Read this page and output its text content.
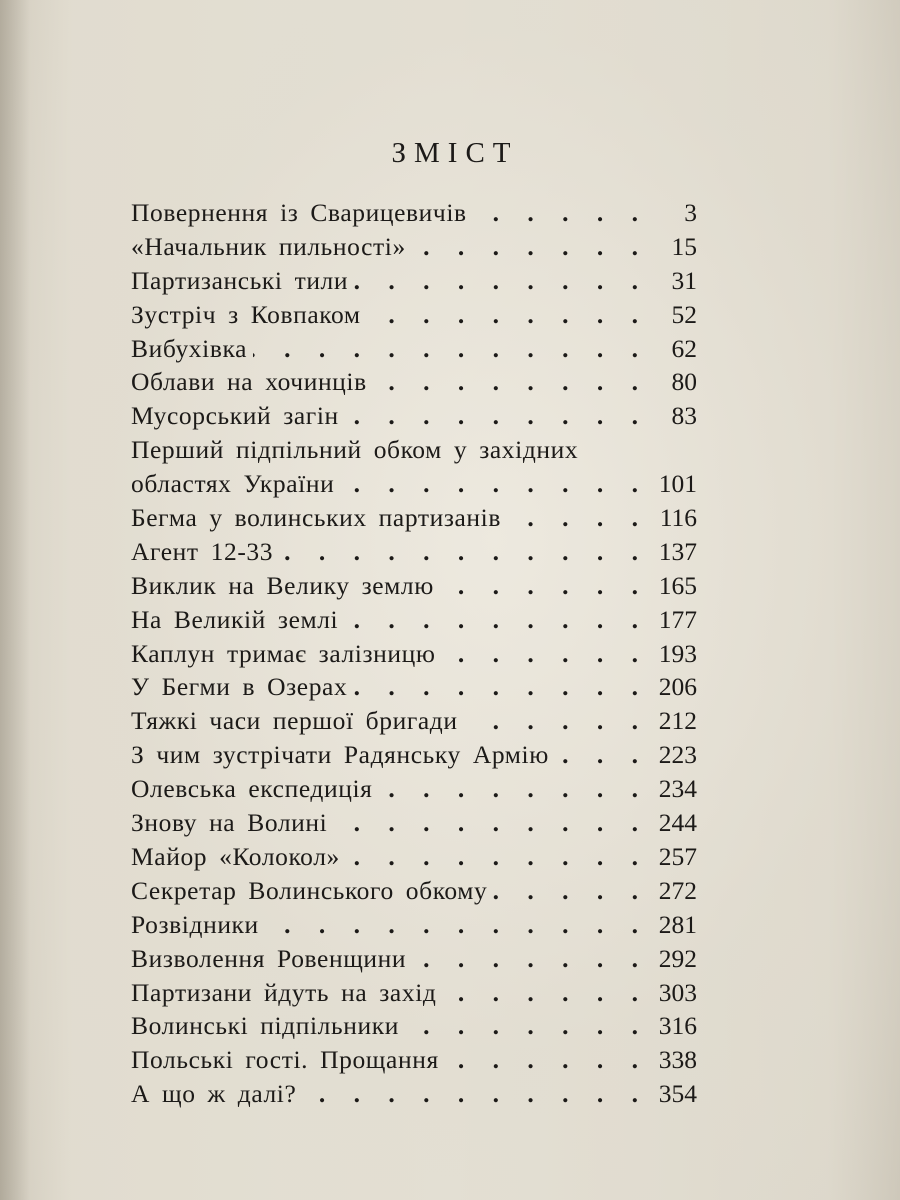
ЗМІСТ
Повернення із Сварицевичів . . .	3
«Начальник пильності» . . .	15
Партизанські тили . . .	31
Зустріч з Ковпаком . . .	52
Вибухівка . . .	62
Облави на хочинців . . .	80
Мусорський загін . . .	83
Перший підпільний обком у західних
областях України . . .	101
Бегма у волинських партизанів . . .	116
Агент 12-33 . . .	137
Виклик на Велику землю . . .	165
На Великій землі . . .	177
Каплун тримає залізницю . . .	193
У Бегми в Озерах . . .	206
Тяжкі часи першої бригади . . .	212
З чим зустрічати Радянську Армію . . .	223
Олевська експедиція . . .	234
Знову на Волині . . .	244
Майор «Колокол» . . .	257
Секретар Волинського обкому . . .	272
Розвідники . . .	281
Визволення Ровенщини . . .	292
Партизани йдуть на захід . . .	303
Волинські підпільники . . .	316
Польські гості. Прощання . . .	338
А що ж далі? . . .	354
